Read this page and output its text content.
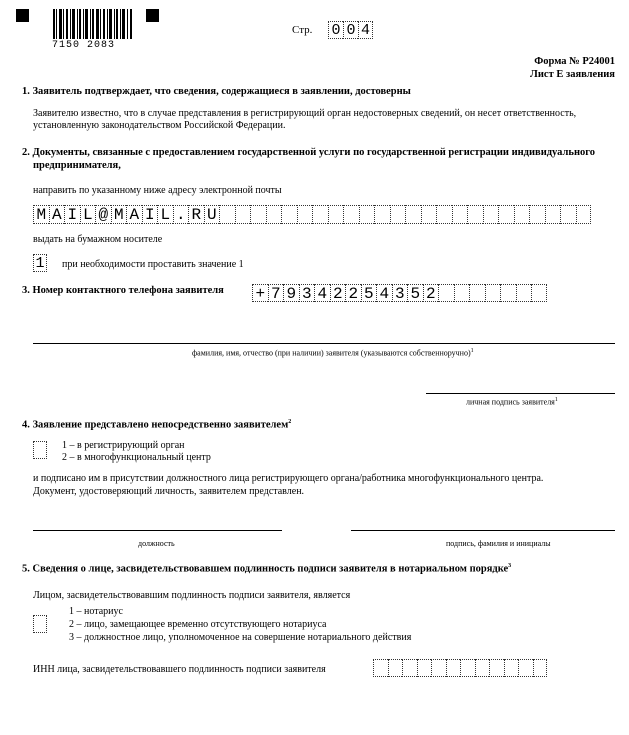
7150 2083
Стр. 0 0 4
Форма № Р24001
Лист Е заявления
1. Заявитель подтверждает, что сведения, содержащиеся в заявлении, достоверны
Заявителю известно, что в случае представления в регистрирующий орган недостоверных сведений, он несет ответственность,
установленную законодательством Российской Федерации.
2. Документы, связанные с предоставлением государственной услуги по государственной регистрации индивидуального
предпринимателя,
направить по указанному ниже адресу электронной почты
M A I L @ M A I L . R U
выдать на бумажном носителе
1 при необходимости проставить значение 1
3. Номер контактного телефона заявителя + 7 9 3 4 2 2 5 4 3 5 2
фамилия, имя, отчество (при наличии) заявителя (указываются собственноручно)$^1$
личная подпись заявителя$^1$
4. Заявление представлено непосредственно заявителем$^2$
1 – в регистрирующий орган
2 – в многофункциональный центр
и подписано им в присутствии должностного лица регистрирующего органа/работника многофункционального центра.
Документ, удостоверяющий личность, заявителем представлен.
должность	подпись, фамилия и инициалы
5. Сведения о лице, засвидетельствовавшем подлинность подписи заявителя в нотариальном порядке$^3$
Лицом, засвидетельствовавшим подлинность подписи заявителя, является
1 – нотариус
2 – лицо, замещающее временно отсутствующего нотариуса
3 – должностное лицо, уполномоченное на совершение нотариального действия
ИНН лица, засвидетельствовавшего подлинность подписи заявителя
